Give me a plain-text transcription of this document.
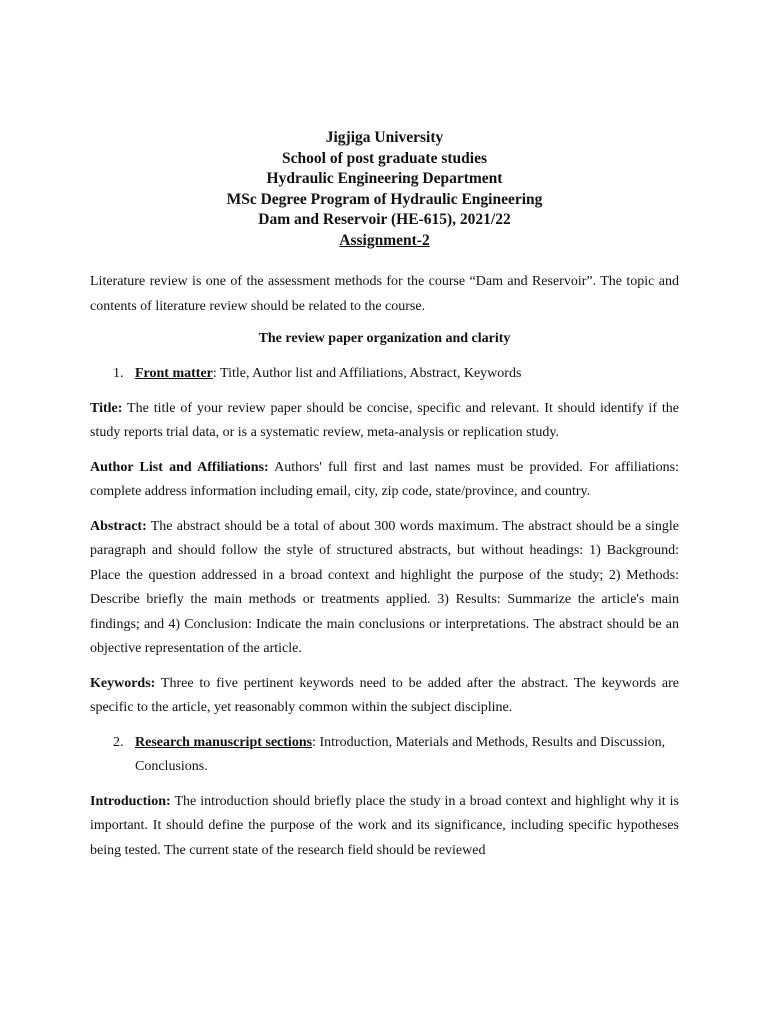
Jigjiga University
School of post graduate studies
Hydraulic Engineering Department
MSc Degree Program of Hydraulic Engineering
Dam and Reservoir (HE-615), 2021/22
Assignment-2

Literature review is one of the assessment methods for the course “Dam and Reservoir”. The topic and contents of literature review should be related to the course.

The review paper organization and clarity
1. Front matter: Title, Author list and Affiliations, Abstract, Keywords

Title: The title of your review paper should be concise, specific and relevant. It should identify if the study reports trial data, or is a systematic review, meta-analysis or replication study.

Author List and Affiliations: Authors' full first and last names must be provided. For affiliations: complete address information including email, city, zip code, state/province, and country.

Abstract: The abstract should be a total of about 300 words maximum. The abstract should be a single paragraph and should follow the style of structured abstracts, but without headings: 1) Background: Place the question addressed in a broad context and highlight the purpose of the study; 2) Methods: Describe briefly the main methods or treatments applied. 3) Results: Summarize the article's main findings; and 4) Conclusion: Indicate the main conclusions or interpretations. The abstract should be an objective representation of the article.

Keywords: Three to five pertinent keywords need to be added after the abstract. The keywords are specific to the article, yet reasonably common within the subject discipline.

2. Research manuscript sections: Introduction, Materials and Methods, Results and Discussion, Conclusions.

Introduction: The introduction should briefly place the study in a broad context and highlight why it is important. It should define the purpose of the work and its significance, including specific hypotheses being tested. The current state of the research field should be reviewed
